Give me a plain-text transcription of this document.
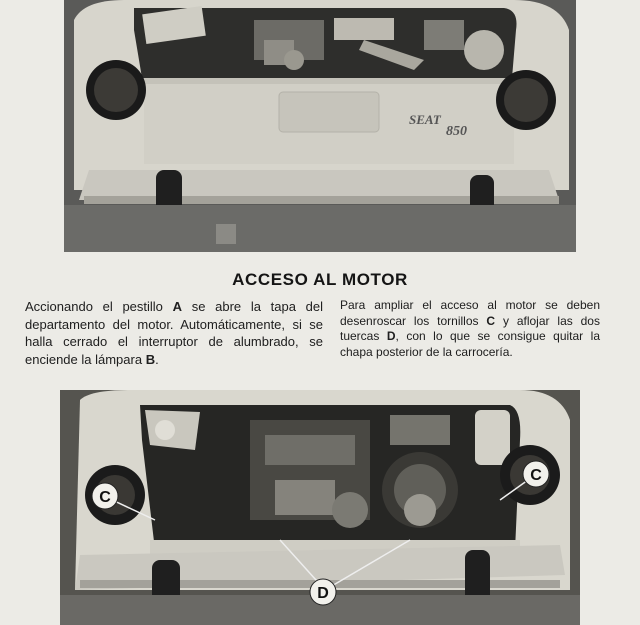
SEAT
850
ACCESO AL MOTOR
Accionando el pestillo A se abre la tapa del departamento del motor. Automáticamente, si se halla cerrado el interruptor de alumbrado, se enciende la lámpara B.
Para ampliar el acceso al motor se deben desenroscar los tornillos C y aflojar las dos tuercas D, con lo que se consigue quitar la chapa posterior de la carrocería.
C
C
D
